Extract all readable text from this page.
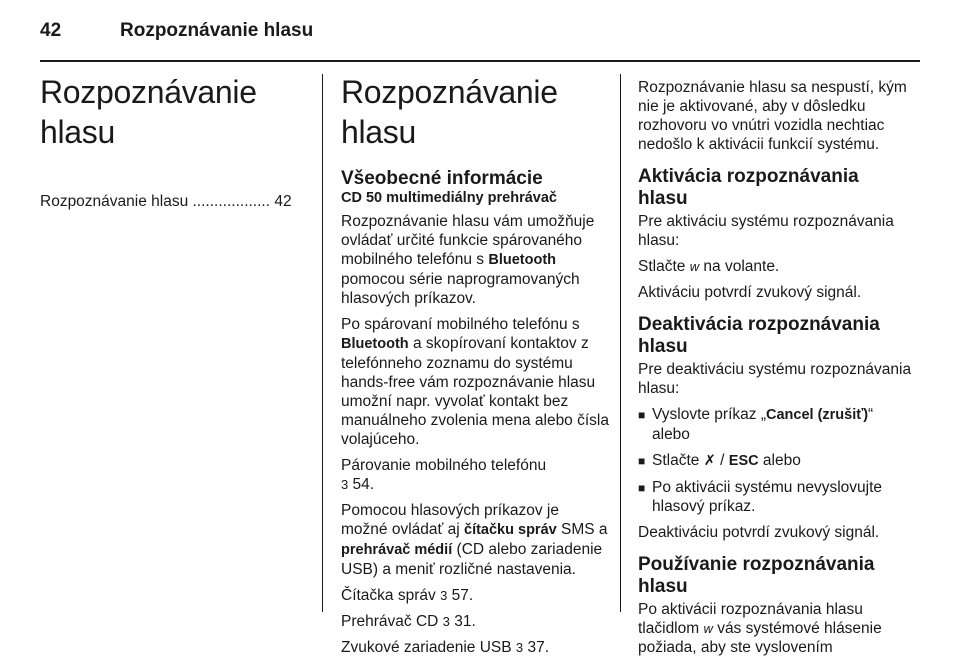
42	Rozpoznávanie hlasu
Rozpoznávanie hlasu
Rozpoznávanie hlasu .................. 42
Rozpoznávanie hlasu
Všeobecné informácie
CD 50 multimediálny prehrávač

Rozpoznávanie hlasu vám umožňuje ovládať určité funkcie spárovaného mobilného telefónu s Bluetooth pomocou série naprogramovaných hlasových príkazov.

Po spárovaní mobilného telefónu s Bluetooth a skopírovaní kontaktov z telefónneho zoznamu do systému hands-free vám rozpoznávanie hlasu umožní napr. vyvolať kontakt bez manuálneho zvolenia mena alebo čísla volajúceho.

Párovanie mobilného telefónu
3 54.

Pomocou hlasových príkazov je možné ovládať aj čítačku správ SMS a prehrávač médií (CD alebo zariadenie USB) a meniť rozličné nastavenia.

Čítačka správ 3 57.

Prehrávač CD 3 31.

Zvukové zariadenie USB 3 37.

Rozpoznávanie hlasu sa nespustí, kým nie je aktivované, aby v dôsledku rozhovoru vo vnútri vozidla nechtiac nedošlo k aktivácii funkcií systému.

Aktivácia rozpoznávania hlasu

Pre aktiváciu systému rozpoznávania hlasu:

Stlačte w na volante.

Aktiváciu potvrdí zvukový signál.

Deaktivácia rozpoznávania hlasu

Pre deaktiváciu systému rozpoznávania hlasu:

■ Vyslovte príkaz „Cancel (zrušiť)“ alebo
■ Stlačte ✗ / ESC alebo
■ Po aktivácii systému nevyslovujte hlasový príkaz.

Deaktiváciu potvrdí zvukový signál.

Používanie rozpoznávania hlasu

Po aktivácii rozpoznávania hlasu tlačidlom w vás systémové hlásenie požiada, aby ste vyslovením
